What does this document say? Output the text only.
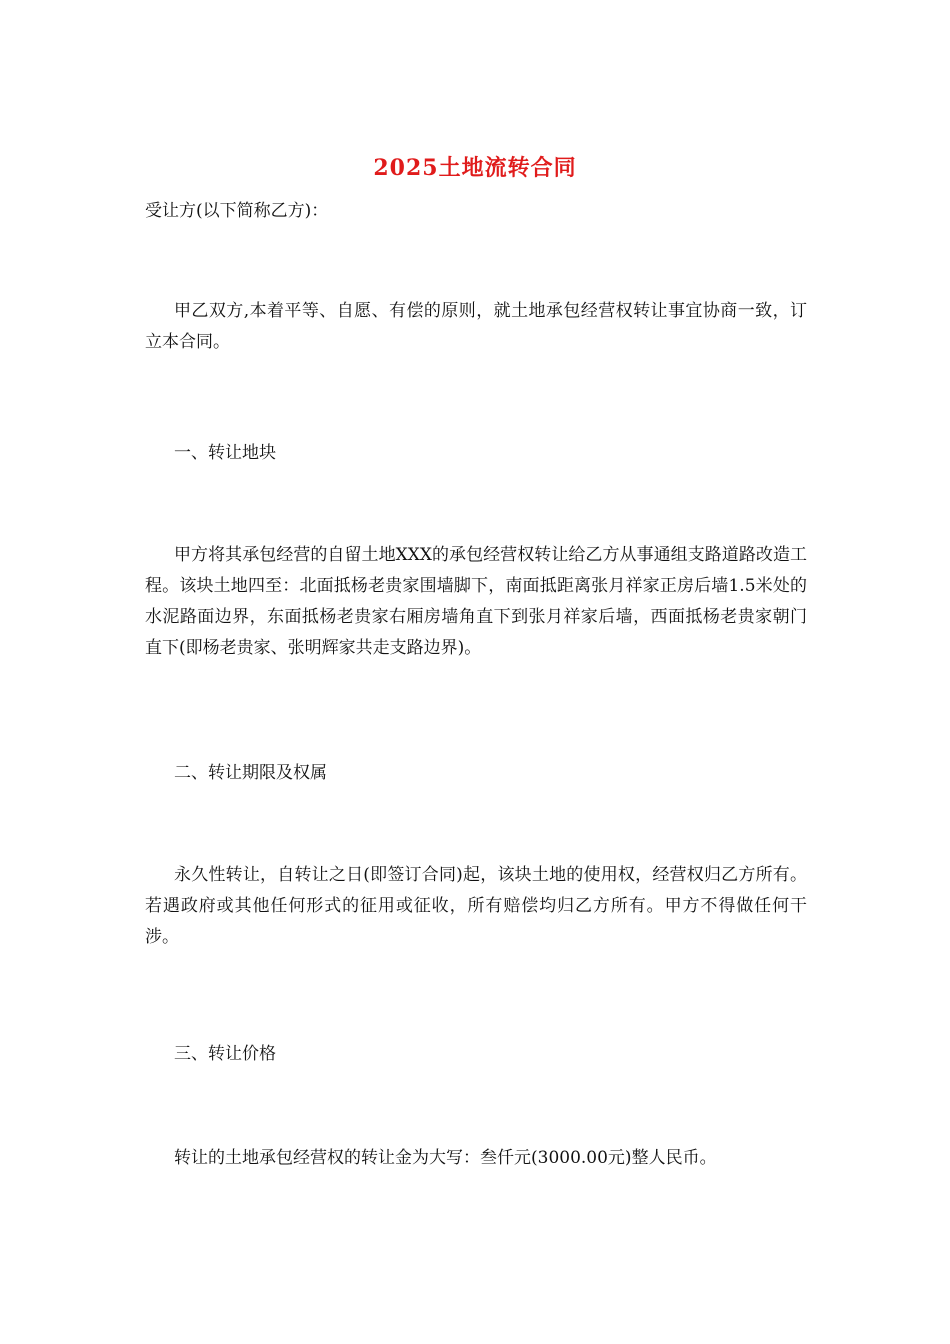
2025土地流转合同

受让方(以下简称乙方)：

甲乙双方,本着平等、自愿、有偿的原则，就土地承包经营权转让事宜协商一致，订立本合同。

一、转让地块

甲方将其承包经营的自留土地XXX的承包经营权转让给乙方从事通组支路道路改造工程。该块土地四至：北面抵杨老贵家围墙脚下，南面抵距离张月祥家正房后墙1.5米处的水泥路面边界，东面抵杨老贵家右厢房墙角直下到张月祥家后墙，西面抵杨老贵家朝门直下(即杨老贵家、张明辉家共走支路边界)。

二、转让期限及权属

永久性转让，自转让之日(即签订合同)起，该块土地的使用权，经营权归乙方所有。若遇政府或其他任何形式的征用或征收，所有赔偿均归乙方所有。甲方不得做任何干涉。

三、转让价格

转让的土地承包经营权的转让金为大写：叁仟元(3000.00元)整人民币。
